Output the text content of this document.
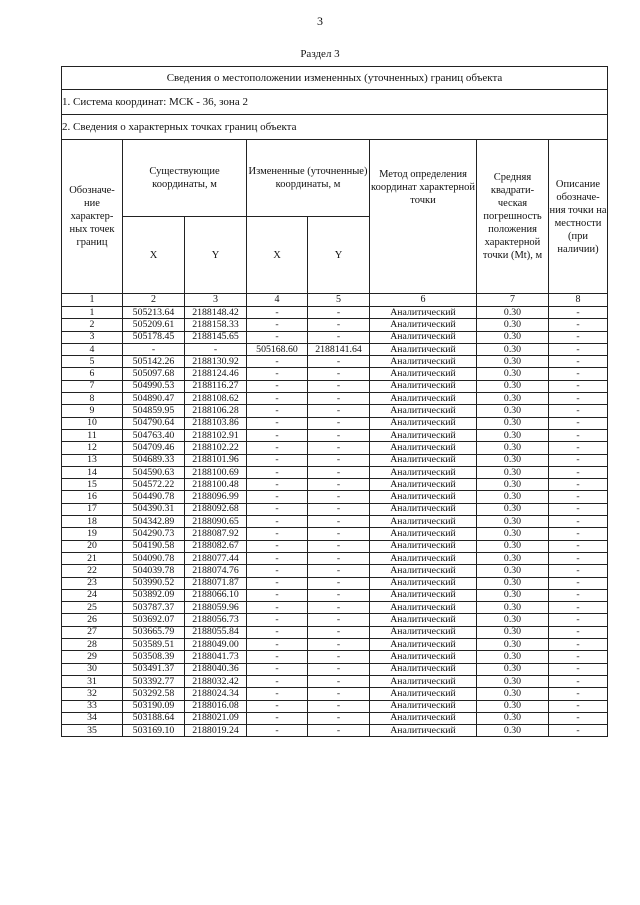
3
Раздел 3
Сведения о местоположении измененных (уточненных) границ объекта							
1. Система координат: МСК - 36, зона 2							
2. Сведения о характерных точках границ объекта							
Обозначе-ние характер-ных точек границ	Существующие координаты, м		Измененные (уточненные) координаты, м		Метод определения координат характерной точки	Средняя квадрати-ческая погрешность положения характерной точки (Mt), м	Описание обозначе-ния точки на местности (при наличии)
	X	Y	X	Y			
1	2	3	4	5	6	7	8
1	505213.64	2188148.42	-	-	Аналитический	0.30	-
2	505209.61	2188158.33	-	-	Аналитический	0.30	-
3	505178.45	2188145.65	-	-	Аналитический	0.30	-
4	-	-	505168.60	2188141.64	Аналитический	0.30	-
5	505142.26	2188130.92	-	-	Аналитический	0.30	-
6	505097.68	2188124.46	-	-	Аналитический	0.30	-
7	504990.53	2188116.27	-	-	Аналитический	0.30	-
8	504890.47	2188108.62	-	-	Аналитический	0.30	-
9	504859.95	2188106.28	-	-	Аналитический	0.30	-
10	504790.64	2188103.86	-	-	Аналитический	0.30	-
11	504763.40	2188102.91	-	-	Аналитический	0.30	-
12	504709.46	2188102.22	-	-	Аналитический	0.30	-
13	504689.33	2188101.96	-	-	Аналитический	0.30	-
14	504590.63	2188100.69	-	-	Аналитический	0.30	-
15	504572.22	2188100.48	-	-	Аналитический	0.30	-
16	504490.78	2188096.99	-	-	Аналитический	0.30	-
17	504390.31	2188092.68	-	-	Аналитический	0.30	-
18	504342.89	2188090.65	-	-	Аналитический	0.30	-
19	504290.73	2188087.92	-	-	Аналитический	0.30	-
20	504190.58	2188082.67	-	-	Аналитический	0.30	-
21	504090.78	2188077.44	-	-	Аналитический	0.30	-
22	504039.78	2188074.76	-	-	Аналитический	0.30	-
23	503990.52	2188071.87	-	-	Аналитический	0.30	-
24	503892.09	2188066.10	-	-	Аналитический	0.30	-
25	503787.37	2188059.96	-	-	Аналитический	0.30	-
26	503692.07	2188056.73	-	-	Аналитический	0.30	-
27	503665.79	2188055.84	-	-	Аналитический	0.30	-
28	503589.51	2188049.00	-	-	Аналитический	0.30	-
29	503508.39	2188041.73	-	-	Аналитический	0.30	-
30	503491.37	2188040.36	-	-	Аналитический	0.30	-
31	503392.77	2188032.42	-	-	Аналитический	0.30	-
32	503292.58	2188024.34	-	-	Аналитический	0.30	-
33	503190.09	2188016.08	-	-	Аналитический	0.30	-
34	503188.64	2188021.09	-	-	Аналитический	0.30	-
35	503169.10	2188019.24	-	-	Аналитический	0.30	-
